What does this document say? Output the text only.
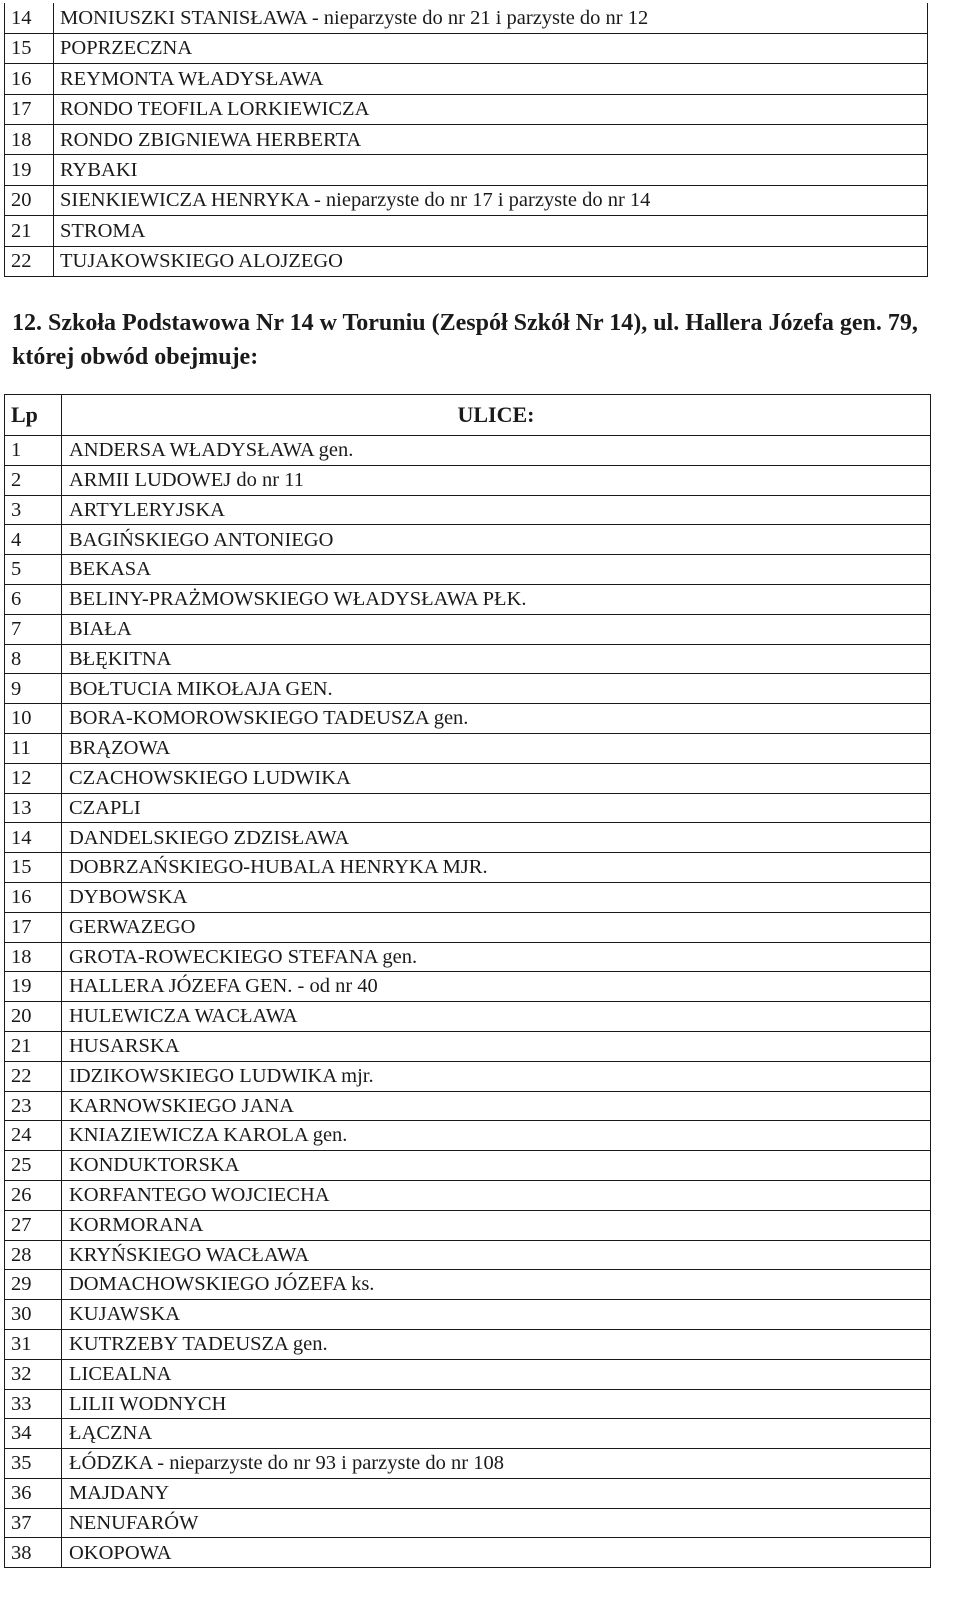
14	MONIUSZKI STANISŁAWA - nieparzyste do nr 21 i parzyste do nr 12
15	POPRZECZNA
16	REYMONTA WŁADYSŁAWA
17	RONDO TEOFILA LORKIEWICZA
18	RONDO ZBIGNIEWA HERBERTA
19	RYBAKI
20	SIENKIEWICZA HENRYKA - nieparzyste do nr 17 i parzyste do nr 14
21	STROMA
22	TUJAKOWSKIEGO ALOJZEGO
12. Szkoła Podstawowa Nr 14 w Toruniu (Zespół Szkół Nr 14), ul. Hallera Józefa gen. 79, której obwód obejmuje:
Lp	ULICE:
1	ANDERSA WŁADYSŁAWA gen.
2	ARMII LUDOWEJ do nr 11
3	ARTYLERYJSKA
4	BAGIŃSKIEGO ANTONIEGO
5	BEKASA
6	BELINY-PRAŻMOWSKIEGO WŁADYSŁAWA PŁK.
7	BIAŁA
8	BŁĘKITNA
9	BOŁTUCIA MIKOŁAJA GEN.
10	BORA-KOMOROWSKIEGO TADEUSZA gen.
11	BRĄZOWA
12	CZACHOWSKIEGO LUDWIKA
13	CZAPLI
14	DANDELSKIEGO ZDZISŁAWA
15	DOBRZAŃSKIEGO-HUBALA HENRYKA MJR.
16	DYBOWSKA
17	GERWAZEGO
18	GROTA-ROWECKIEGO STEFANA gen.
19	HALLERA JÓZEFA GEN. - od nr 40
20	HULEWICZA WACŁAWA
21	HUSARSKA
22	IDZIKOWSKIEGO LUDWIKA mjr.
23	KARNOWSKIEGO JANA
24	KNIAZIEWICZA KAROLA gen.
25	KONDUKTORSKA
26	KORFANTEGO WOJCIECHA
27	KORMORANA
28	KRYŃSKIEGO WACŁAWA
29	DOMACHOWSKIEGO JÓZEFA ks.
30	KUJAWSKA
31	KUTRZEBY TADEUSZA gen.
32	LICEALNA
33	LILII WODNYCH
34	ŁĄCZNA
35	ŁÓDZKA - nieparzyste do nr 93 i parzyste do nr 108
36	MAJDANY
37	NENUFARÓW
38	OKOPOWA
